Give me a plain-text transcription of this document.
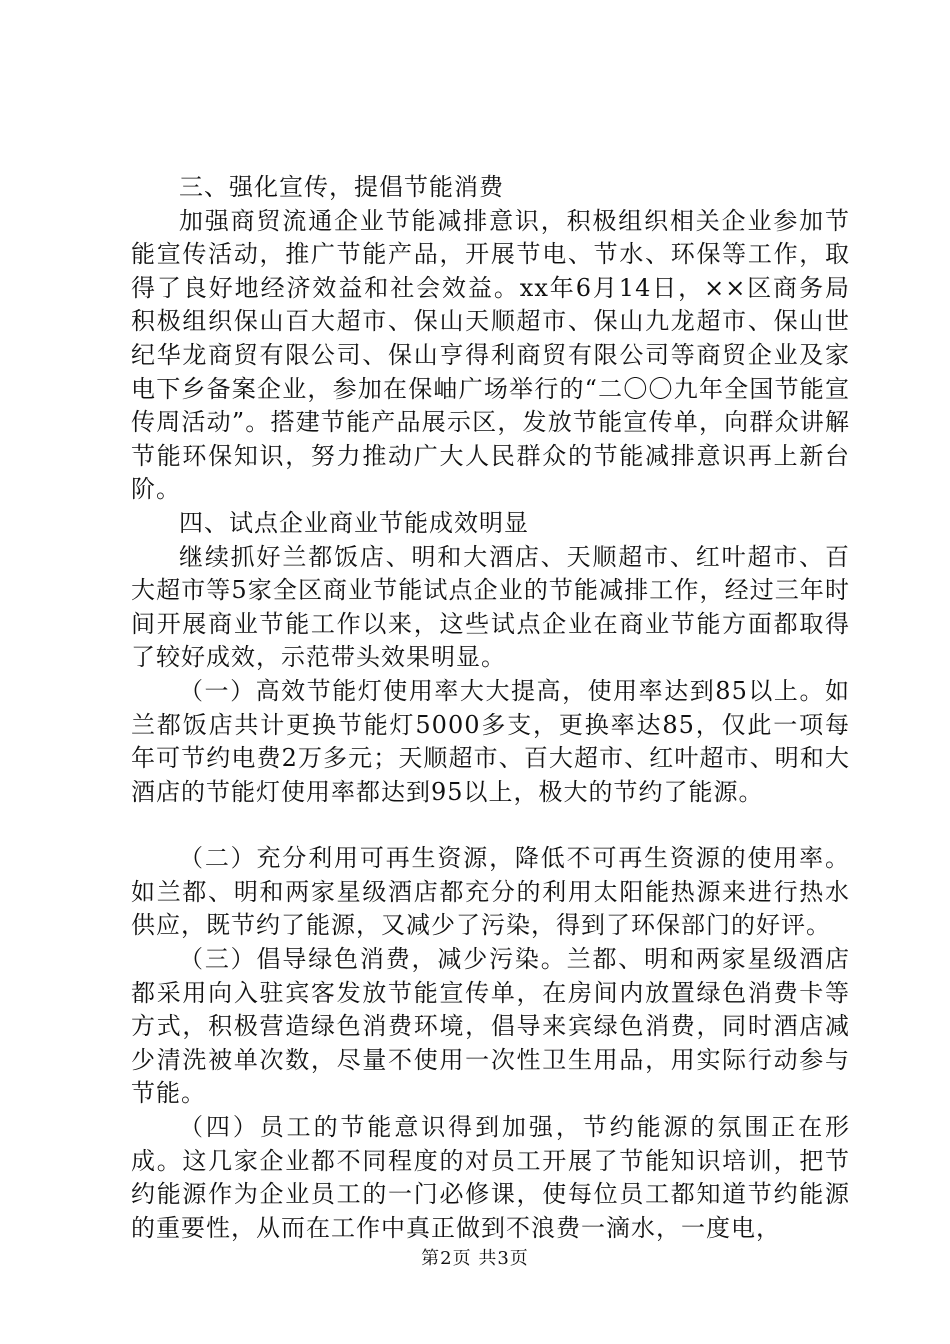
三、强化宣传，提倡节能消费

加强商贸流通企业节能减排意识，积极组织相关企业参加节能宣传活动，推广节能产品，开展节电、节水、环保等工作，取得了良好地经济效益和社会效益。xx年6月14日，××区商务局积极组织保山百大超市、保山天顺超市、保山九龙超市、保山世纪华龙商贸有限公司、保山亨得利商贸有限公司等商贸企业及家电下乡备案企业，参加在保岫广场举行的“二〇〇九年全国节能宣传周活动”。搭建节能产品展示区，发放节能宣传单，向群众讲解节能环保知识，努力推动广大人民群众的节能减排意识再上新台阶。

四、试点企业商业节能成效明显

继续抓好兰都饭店、明和大酒店、天顺超市、红叶超市、百大超市等5家全区商业节能试点企业的节能减排工作，经过三年时间开展商业节能工作以来，这些试点企业在商业节能方面都取得了较好成效，示范带头效果明显。

（一）高效节能灯使用率大大提高，使用率达到85以上。如兰都饭店共计更换节能灯5000多支，更换率达85，仅此一项每年可节约电费2万多元；天顺超市、百大超市、红叶超市、明和大酒店的节能灯使用率都达到95以上，极大的节约了能源。

（二）充分利用可再生资源，降低不可再生资源的使用率。如兰都、明和两家星级酒店都充分的利用太阳能热源来进行热水供应，既节约了能源，又减少了污染，得到了环保部门的好评。

（三）倡导绿色消费，减少污染。兰都、明和两家星级酒店都采用向入驻宾客发放节能宣传单，在房间内放置绿色消费卡等方式，积极营造绿色消费环境，倡导来宾绿色消费，同时酒店减少清洗被单次数，尽量不使用一次性卫生用品，用实际行动参与节能。

（四）员工的节能意识得到加强，节约能源的氛围正在形成。这几家企业都不同程度的对员工开展了节能知识培训，把节约能源作为企业员工的一门必修课，使每位员工都知道节约能源的重要性，从而在工作中真正做到不浪费一滴水，一度电，

第2页 共3页
